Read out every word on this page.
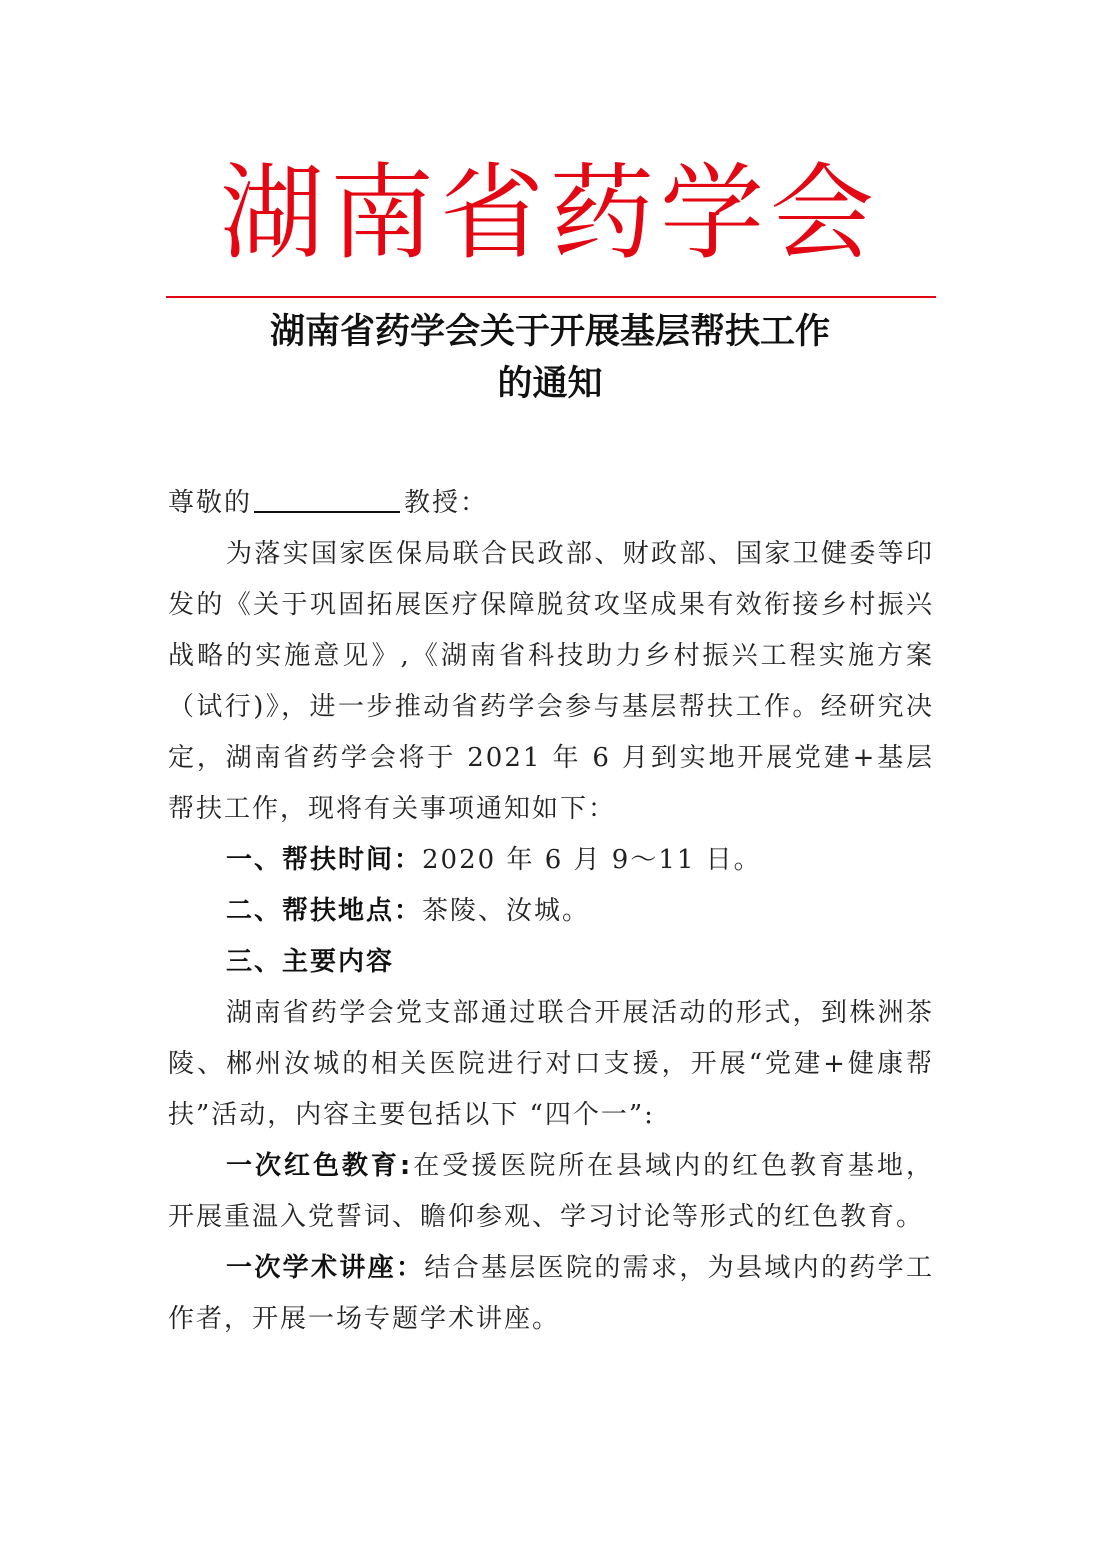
湖南省药学会
湖南省药学会关于开展基层帮扶工作
的通知

尊敬的	教授：

为落实国家医保局联合民政部、财政部、国家卫健委等印发的《关于巩固拓展医疗保障脱贫攻坚成果有效衔接乡村振兴战略的实施意见》,《湖南省科技助力乡村振兴工程实施方案（试行)》，进一步推动省药学会参与基层帮扶工作。经研究决定，湖南省药学会将于 2021 年 6 月到实地开展党建+基层帮扶工作，现将有关事项通知如下：

一、帮扶时间：2020 年 6 月 9～11 日。

二、帮扶地点：茶陵、汝城。

三、主要内容

湖南省药学会党支部通过联合开展活动的形式，到株洲茶陵、郴州汝城的相关医院进行对口支援，开展“党建+健康帮扶”活动，内容主要包括以下 “四个一”:

一次红色教育:在受援医院所在县域内的红色教育基地，开展重温入党誓词、瞻仰参观、学习讨论等形式的红色教育。

一次学术讲座：结合基层医院的需求，为县域内的药学工作者，开展一场专题学术讲座。
